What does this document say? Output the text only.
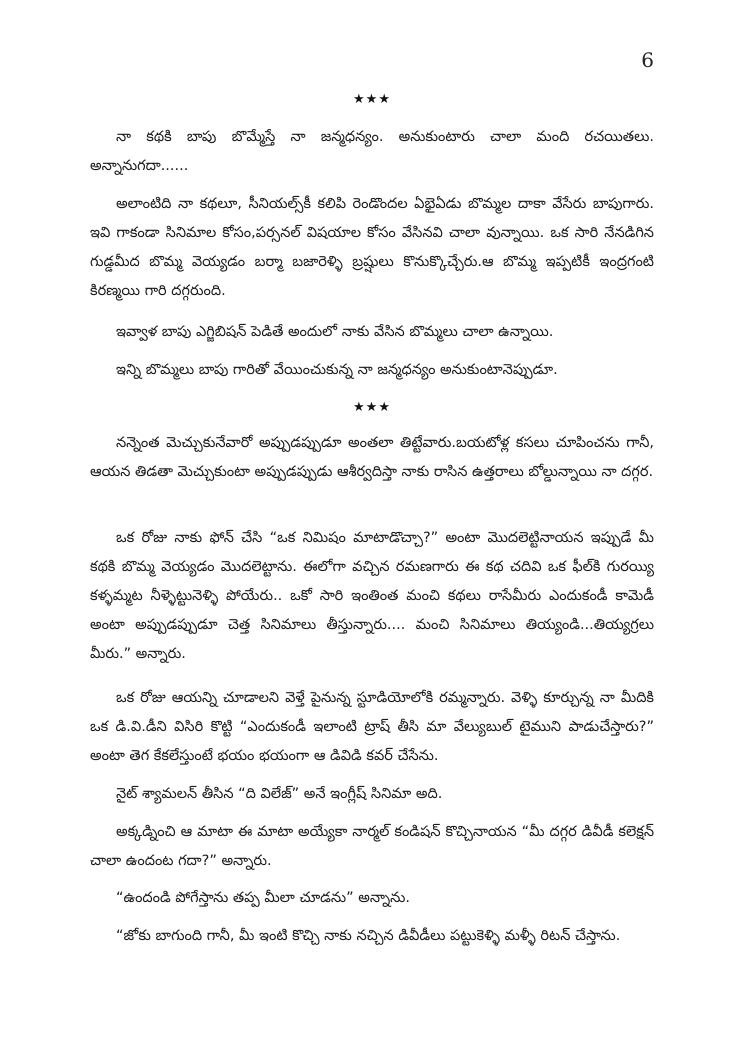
6
★★★
నా కథకి బాపు బొమ్మేస్తే నా జన్మధన్యం. అనుకుంటారు చాలా మంది రచయితలు. అన్నానుగదా......
అలాంటిది నా కథలూ, సీనియల్స్‌కీ కలిపి రెండొందల ఏభైఏడు బొమ్మల దాకా వేసేరు బాపుగారు. ఇవి గాకండా సినిమాల కోసం,పర్సనల్ విషయాల కోసం వేసినవి చాలా వున్నాయి. ఒక సారి నేనడిగిన గుడ్డమీద బొమ్మ వెయ్యడం బర్మా బజారెళ్ళి బ్రష్షులు కొనుక్కొచ్చేరు.ఆ బొమ్మ ఇప్పటికీ ఇంద్రగంటి కిరణ్మయి గారి దగ్గరుంది.
ఇవ్వాళ బాపు ఎగ్జిబిషన్ పెడితే అందులో నాకు వేసిన బొమ్మలు చాలా ఉన్నాయి.
ఇన్ని బొమ్మలు బాపు గారితో వేయించుకున్న నా జన్మధన్యం అనుకుంటానెప్పుడూ.
★★★
నన్నెంత మెచ్చుకునేవారో అప్పుడప్పుడూ అంతలా తిట్టేవారు.బయటోళ్ల కసలు చూపించను గానీ, ఆయన తిడతా మెచ్చుకుంటా అప్పుడప్పుడు ఆశీర్వదిస్తా నాకు రాసిన ఉత్తరాలు బోల్డున్నాయి నా దగ్గర.
ఒక రోజు నాకు ఫోన్ చేసి “ఒక నిమిషం మాటాడొచ్చా?” అంటా మొదలెట్టినాయన ఇప్పుడే మీ కథకి బొమ్మ వెయ్యడం మొదలెట్టాను. ఈలోగా వచ్చిన రమణగారు ఈ కథ చదివి ఒక ఫీల్‌కి గురయ్యి కళ్ళమ్మట నీళ్ళెట్టునెళ్ళి పోయేరు.. ఒకో సారి ఇంతింత మంచి కథలు రాసేమీరు ఎందుకండీ కామెడీ అంటా అప్పుడప్పుడూ చెత్త సినిమాలు తీస్తున్నారు.... మంచి సినిమాలు తియ్యండి...తియ్యగ్రలు మీరు.” అన్నారు.
ఒక రోజు ఆయన్ని చూడాలని వెళ్తే పైనున్న స్టూడియోలోకి రమ్మన్నారు. వెళ్ళి కూర్చున్న నా మీదికి ఒక డి.వి.డీని విసిరి కొట్టి “ఎందుకండీ ఇలాంటి ట్రాష్ తీసి మా వేల్యుబుల్ టైముని పాడుచేస్తారు?” అంటా తెగ కేకలేస్తుంటే భయం భయంగా ఆ డివిడి కవర్ చేసేను.
నైట్ శ్యామలన్ తీసిన “ది విలేజ్” అనే ఇంగ్లీష్ సినిమా అది.
అక్కడ్నించి ఆ మాటా ఈ మాటా అయ్యేకా నార్మల్ కండిషన్ కొచ్చినాయన “మీ దగ్గర డివీడీ కలెక్షన్ చాలా ఉందంట గదా?” అన్నారు.
“ఉందండి పోగేస్తాను తప్ప మీలా చూడను” అన్నాను.
“జోకు బాగుంది గానీ, మీ ఇంటి కొచ్చి నాకు నచ్చిన డివీడీలు పట్టుకెళ్ళి మళ్ళీ రిటన్ చేస్తాను.
